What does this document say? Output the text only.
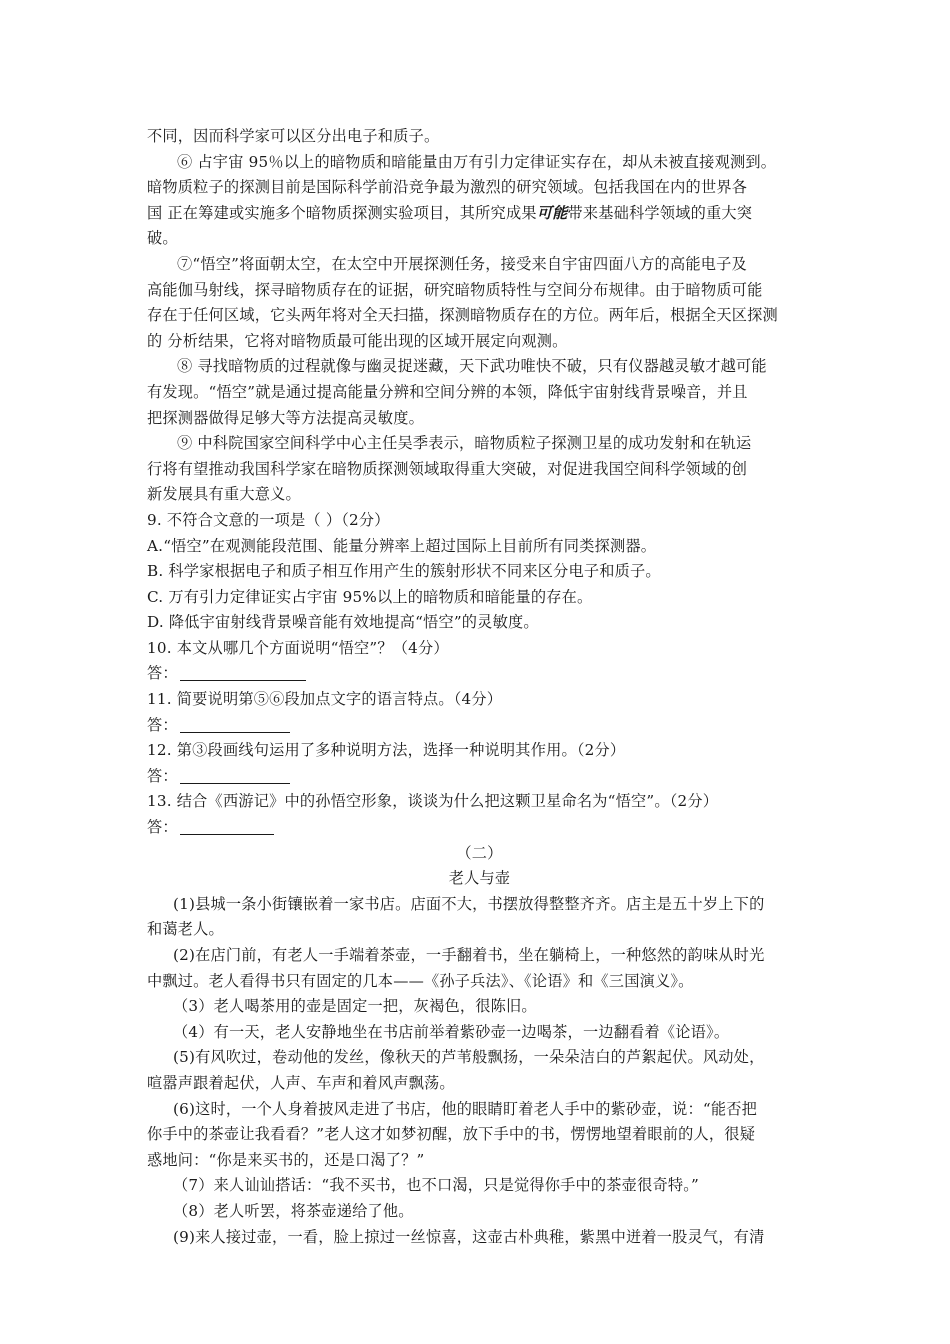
不同，因而科学家可以区分出电子和质子。
⑥ 占宇宙 95％以上的暗物质和暗能量由万有引力定律证实存在，却从未被直接观测到。
暗物质粒子的探测目前是国际科学前沿竞争最为激烈的研究领域。包括我国在内的世界各
国 正在筹建或实施多个暗物质探测实验项目，其所究成果可能带来基础科学领域的重大突
破。
⑦“悟空”将面朝太空，在太空中开展探测任务，接受来自宇宙四面八方的高能电子及
高能伽马射线，探寻暗物质存在的证据，研究暗物质特性与空间分布规律。由于暗物质可能
存在于任何区域，它头两年将对全天扫描，探测暗物质存在的方位。两年后，根据全天区探测
的 分析结果，它将对暗物质最可能出现的区域开展定向观测。
⑧ 寻找暗物质的过程就像与幽灵捉迷藏，天下武功唯快不破，只有仪器越灵敏才越可能
有发现。“悟空”就是通过提高能量分辨和空间分辨的本领，降低宇宙射线背景噪音，并且
把探测器做得足够大等方法提高灵敏度。
⑨ 中科院国家空间科学中心主任吴季表示，暗物质粒子探测卫星的成功发射和在轨运
行将有望推动我国科学家在暗物质探测领域取得重大突破，对促进我国空间科学领域的创
新发展具有重大意义。
9. 不符合文意的一项是（ ）（2分）
A.“悟空”在观测能段范围、能量分辨率上超过国际上目前所有同类探测器。
B. 科学家根据电子和质子相互作用产生的簇射形状不同来区分电子和质子。
C. 万有引力定律证实占宇宙 95%以上的暗物质和暗能量的存在。
D. 降低宇宙射线背景噪音能有效地提高“悟空”的灵敏度。
10. 本文从哪几个方面说明“悟空”？（4分）
答：
11. 简要说明第⑤⑥段加点文字的语言特点。（4分）
答：
12. 第③段画线句运用了多种说明方法，选择一种说明其作用。（2分）
答：
13. 结合《西游记》中的孙悟空形象，谈谈为什么把这颗卫星命名为“悟空”。（2分）
答：
（二）
老人与壶
(1)县城一条小街镶嵌着一家书店。店面不大，书摆放得整整齐齐。店主是五十岁上下的
和蔼老人。
(2)在店门前，有老人一手端着茶壶，一手翻着书，坐在躺椅上，一种悠然的韵味从时光
中飘过。老人看得书只有固定的几本——《孙子兵法》、《论语》和《三国演义》。
（3）老人喝茶用的壶是固定一把，灰褐色，很陈旧。
（4）有一天，老人安静地坐在书店前举着紫砂壶一边喝茶，一边翻看着《论语》。
(5)有风吹过，卷动他的发丝，像秋天的芦苇般飘扬，一朵朵洁白的芦絮起伏。风动处，
喧嚣声跟着起伏，人声、车声和着风声飘荡。
(6)这时，一个人身着披风走进了书店，他的眼睛盯着老人手中的紫砂壶，说：“能否把
你手中的茶壶让我看看？”老人这才如梦初醒，放下手中的书，愣愣地望着眼前的人，很疑
惑地问：“你是来买书的，还是口渴了？”
（7）来人讪讪搭话：“我不买书，也不口渴，只是觉得你手中的茶壶很奇特。”
（8）老人听罢，将茶壶递给了他。
(9)来人接过壶，一看，脸上掠过一丝惊喜，这壶古朴典稚，紫黑中迸着一股灵气，有清
